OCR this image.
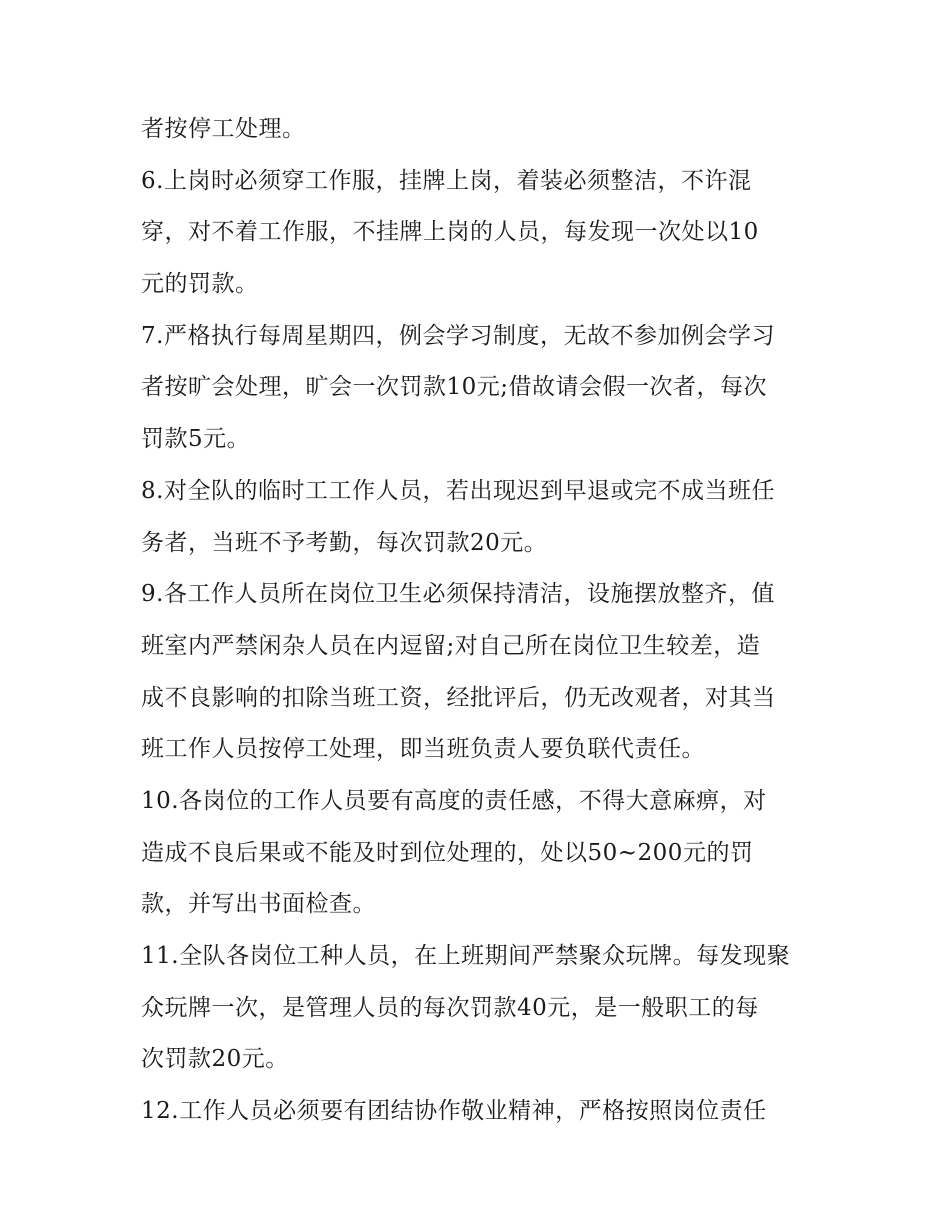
者按停工处理。
6.上岗时必须穿工作服，挂牌上岗，着装必须整洁，不许混
穿，对不着工作服，不挂牌上岗的人员，每发现一次处以10
元的罚款。
7.严格执行每周星期四，例会学习制度，无故不参加例会学习
者按旷会处理，旷会一次罚款10元;借故请会假一次者，每次
罚款5元。
8.对全队的临时工工作人员，若出现迟到早退或完不成当班任
务者，当班不予考勤，每次罚款20元。
9.各工作人员所在岗位卫生必须保持清洁，设施摆放整齐，值
班室内严禁闲杂人员在内逗留;对自己所在岗位卫生较差，造
成不良影响的扣除当班工资，经批评后，仍无改观者，对其当
班工作人员按停工处理，即当班负责人要负联代责任。
10.各岗位的工作人员要有高度的责任感，不得大意麻痹，对
造成不良后果或不能及时到位处理的，处以50~200元的罚
款，并写出书面检查。
11.全队各岗位工种人员，在上班期间严禁聚众玩牌。每发现聚
众玩牌一次，是管理人员的每次罚款40元，是一般职工的每
次罚款20元。
12.工作人员必须要有团结协作敬业精神，严格按照岗位责任
